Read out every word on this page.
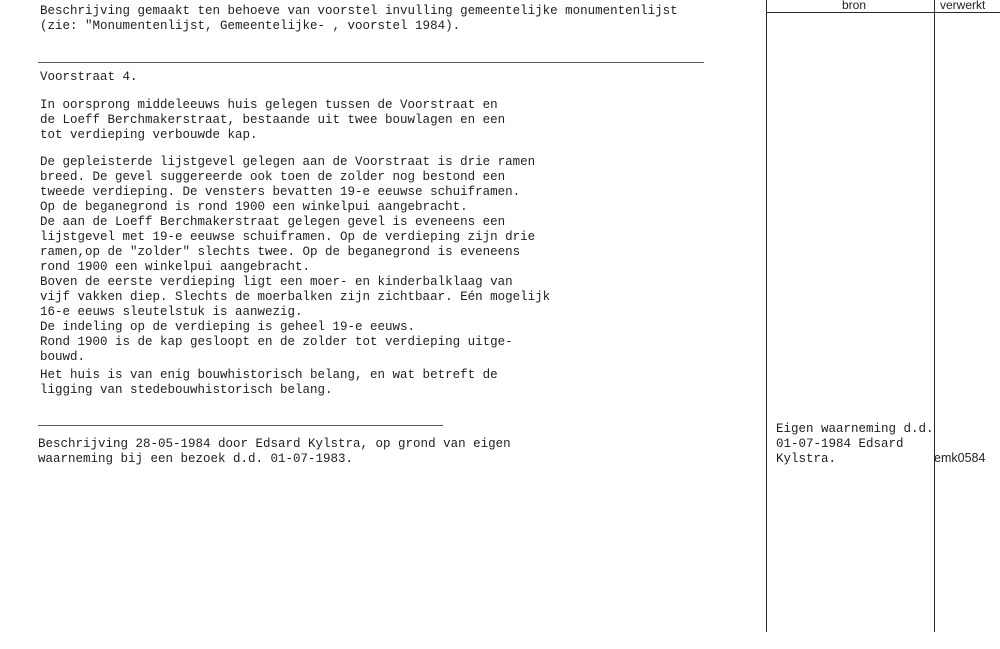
Beschrijving gemaakt ten behoeve van voorstel invulling gemeentelijke monumentenlijst
(zie: "Monumentenlijst, Gemeentelijke- , voorstel 1984).
Voorstraat 4.
In oorsprong middeleeuws huis gelegen tussen de Voorstraat en
de Loeff Berchmakerstraat, bestaande uit twee bouwlagen en een
tot verdieping verbouwde kap.
De gepleisterde lijstgevel gelegen aan de Voorstraat is drie ramen
breed. De gevel suggereerde ook toen de zolder nog bestond een
tweede verdieping. De vensters bevatten 19-e eeuwse schuiframen.
Op de beganegrond is rond 1900 een winkelpui aangebracht.
De aan de Loeff Berchmakerstraat gelegen gevel is eveneens een
lijstgevel met 19-e eeuwse schuiframen. Op de verdieping zijn drie
ramen,op de "zolder" slechts twee. Op de beganegrond is eveneens
rond 1900 een winkelpui aangebracht.
Boven de eerste verdieping ligt een moer- en kinderbalklaag van
vijf vakken diep. Slechts de moerbalken zijn zichtbaar. Eén mogelijk
16-e eeuws sleutelstuk is aanwezig.
De indeling op de verdieping is geheel 19-e eeuws.
Rond 1900 is de kap gesloopt en de zolder tot verdieping uitge-
bouwd.
Het huis is van enig bouwhistorisch belang, en wat betreft de
ligging van stedebouwhistorisch belang.
Beschrijving 28-05-1984 door Edsard Kylstra, op grond van eigen
waarneming bij een bezoek d.d. 01-07-1983.
bron	verwerkt
Eigen waarneming d.d.
01-07-1984 Edsard
Kylstra.	emk0584
